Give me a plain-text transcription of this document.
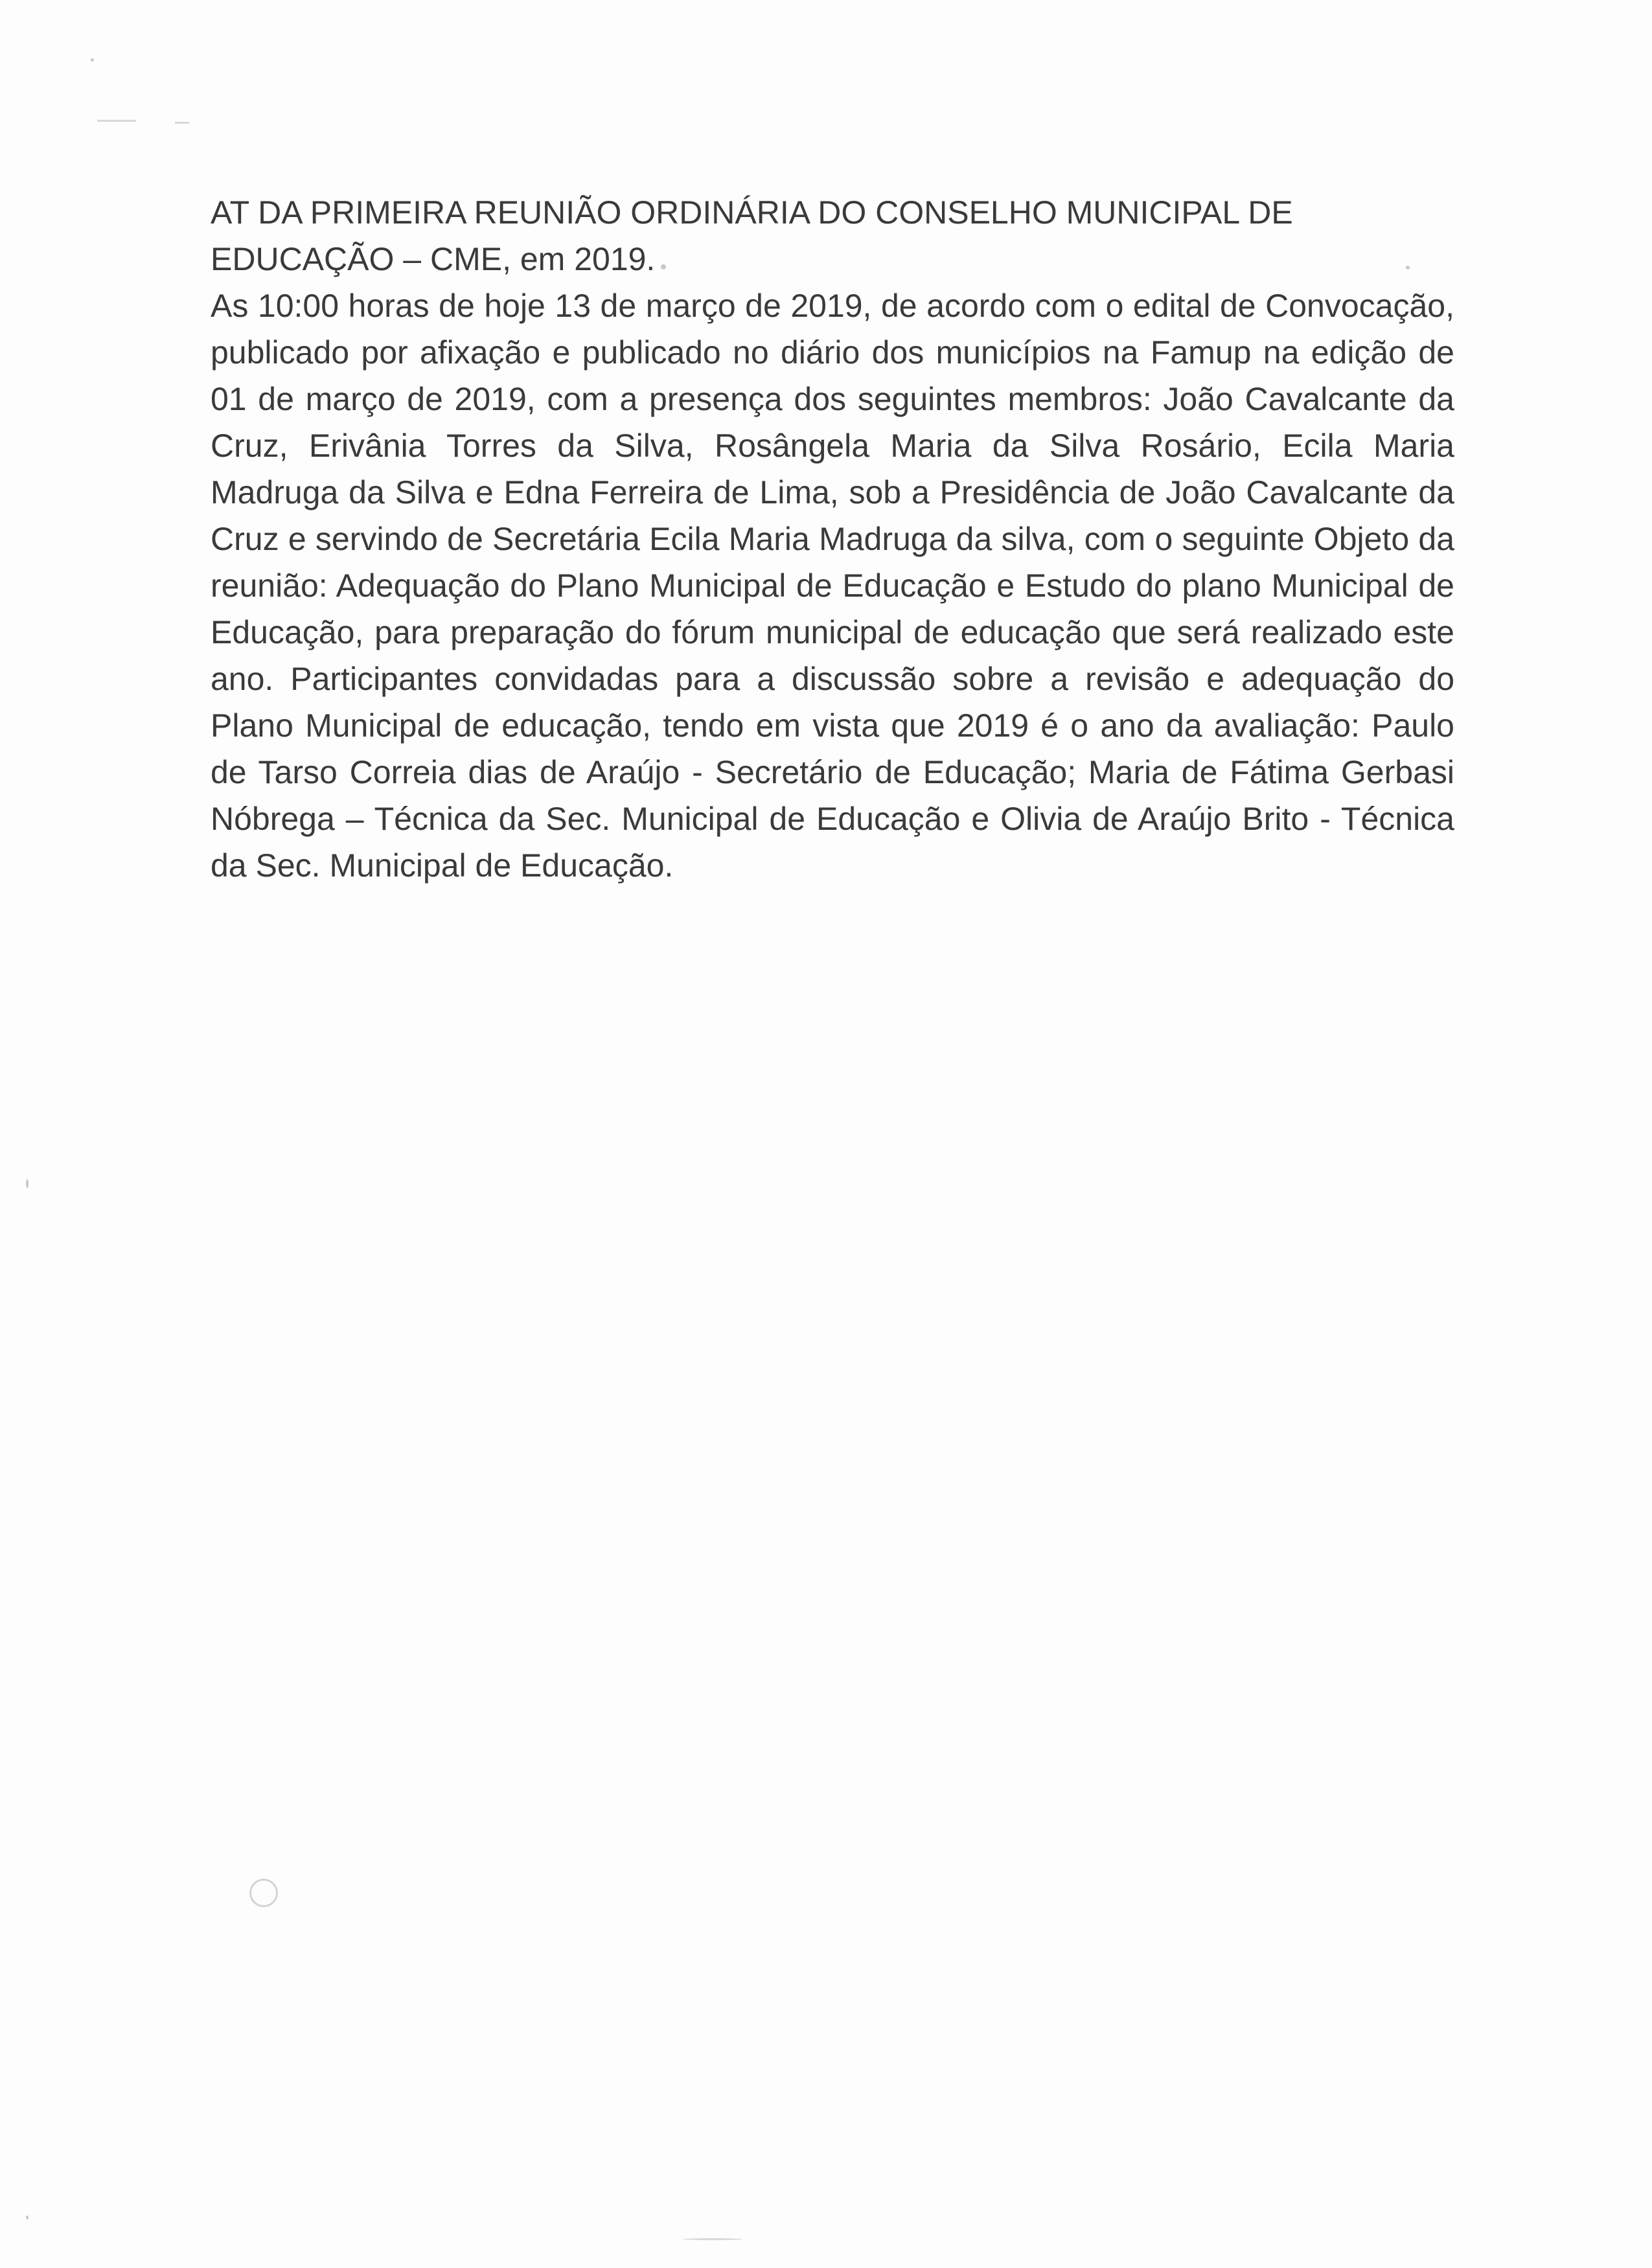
AT DA PRIMEIRA REUNIÃO ORDINÁRIA DO CONSELHO MUNICIPAL DE EDUCAÇÃO – CME, em 2019.

As 10:00 horas de hoje 13 de março de 2019, de acordo com o edital de Convocação, publicado por afixação e publicado no diário dos municípios na Famup na edição de 01 de março de 2019, com a presença dos seguintes membros: João Cavalcante da Cruz, Erivânia Torres da Silva, Rosângela Maria da Silva Rosário, Ecila Maria Madruga da Silva e Edna Ferreira de Lima, sob a Presidência de João Cavalcante da Cruz e servindo de Secretária Ecila Maria Madruga da silva, com o seguinte Objeto da reunião: Adequação do Plano Municipal de Educação e Estudo do plano Municipal de Educação, para preparação do fórum municipal de educação que será realizado este ano. Participantes convidadas para a discussão sobre a revisão e adequação do Plano Municipal de educação, tendo em vista que 2019 é o ano da avaliação: Paulo de Tarso Correia dias de Araújo - Secretário de Educação; Maria de Fátima Gerbasi Nóbrega – Técnica da Sec. Municipal de Educação e Olivia de Araújo Brito - Técnica da Sec. Municipal de Educação.
